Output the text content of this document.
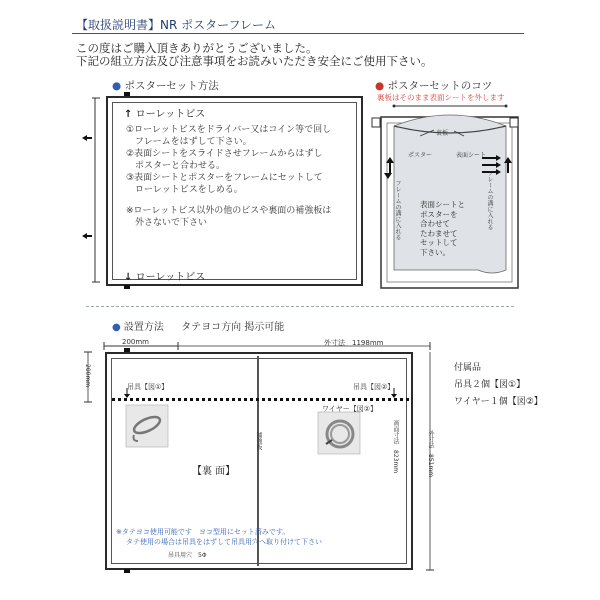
【取扱説明書】NR ポスターフレーム
この度はご購入頂きありがとうございました。
下記の組立方法及び注意事項をお読みいただき安全にご使用下さい。
● ポスターセット方法
↑ ローレットビス
①ローレットビスをドライバー又はコイン等で回し
　フレームをはずして下さい。
②表面シートをスライドさせフレームからはずし
　ポスターと合わせる。
③表面シートとポスターをフレームにセットして
　ローレットビスをしめる。
※ローレットビス以外の他のビスや裏面の補強板は
　外さないで下さい
↓ ローレットビス
● ポスターセットのコツ
裏板はそのまま表面シートを外します
裏板
ポスター	表面シート
フレームの溝に入れる	フレームの溝に入れる
表面シートと
ポスターを
合わせて
たわませて
セットして
下さい。
● 設置方法 タテヨコ方向 掲示可能
200mm	外寸法　1198mm
200mm	吊具【図①】	吊具【図②】
ワイヤー【図②】
補強板
【裏 面】	画面寸法　823mm	外寸法　851mm
※タテヨコ使用可能です　ヨコ型用にセット済みです。
タテ使用の場合は吊具をはずして吊具用穴へ取り付けて下さい
吊具用穴　5Φ
付属品
吊具２個【図①】
ワイヤー１個【図②】
